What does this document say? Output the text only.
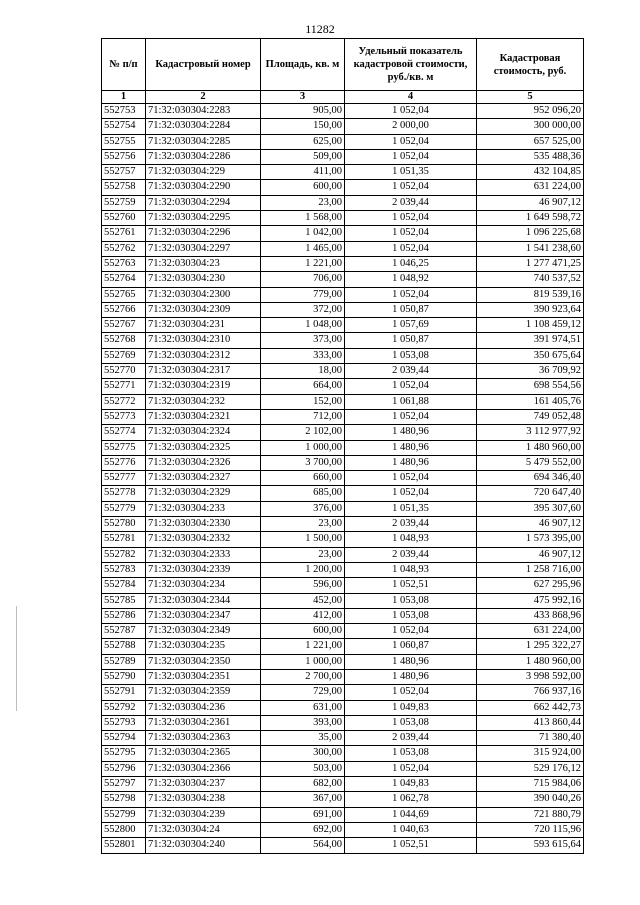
11282
№ п/п	Кадастровый номер	Площадь, кв. м	Удельный показатель кадастровой стоимости, руб./кв. м	Кадастровая стоимость, руб.
1	2	3	4	5
552753	71:32:030304:2283	905,00	1 052,04	952 096,20
552754	71:32:030304:2284	150,00	2 000,00	300 000,00
552755	71:32:030304:2285	625,00	1 052,04	657 525,00
552756	71:32:030304:2286	509,00	1 052,04	535 488,36
552757	71:32:030304:229	411,00	1 051,35	432 104,85
552758	71:32:030304:2290	600,00	1 052,04	631 224,00
552759	71:32:030304:2294	23,00	2 039,44	46 907,12
552760	71:32:030304:2295	1 568,00	1 052,04	1 649 598,72
552761	71:32:030304:2296	1 042,00	1 052,04	1 096 225,68
552762	71:32:030304:2297	1 465,00	1 052,04	1 541 238,60
552763	71:32:030304:23	1 221,00	1 046,25	1 277 471,25
552764	71:32:030304:230	706,00	1 048,92	740 537,52
552765	71:32:030304:2300	779,00	1 052,04	819 539,16
552766	71:32:030304:2309	372,00	1 050,87	390 923,64
552767	71:32:030304:231	1 048,00	1 057,69	1 108 459,12
552768	71:32:030304:2310	373,00	1 050,87	391 974,51
552769	71:32:030304:2312	333,00	1 053,08	350 675,64
552770	71:32:030304:2317	18,00	2 039,44	36 709,92
552771	71:32:030304:2319	664,00	1 052,04	698 554,56
552772	71:32:030304:232	152,00	1 061,88	161 405,76
552773	71:32:030304:2321	712,00	1 052,04	749 052,48
552774	71:32:030304:2324	2 102,00	1 480,96	3 112 977,92
552775	71:32:030304:2325	1 000,00	1 480,96	1 480 960,00
552776	71:32:030304:2326	3 700,00	1 480,96	5 479 552,00
552777	71:32:030304:2327	660,00	1 052,04	694 346,40
552778	71:32:030304:2329	685,00	1 052,04	720 647,40
552779	71:32:030304:233	376,00	1 051,35	395 307,60
552780	71:32:030304:2330	23,00	2 039,44	46 907,12
552781	71:32:030304:2332	1 500,00	1 048,93	1 573 395,00
552782	71:32:030304:2333	23,00	2 039,44	46 907,12
552783	71:32:030304:2339	1 200,00	1 048,93	1 258 716,00
552784	71:32:030304:234	596,00	1 052,51	627 295,96
552785	71:32:030304:2344	452,00	1 053,08	475 992,16
552786	71:32:030304:2347	412,00	1 053,08	433 868,96
552787	71:32:030304:2349	600,00	1 052,04	631 224,00
552788	71:32:030304:235	1 221,00	1 060,87	1 295 322,27
552789	71:32:030304:2350	1 000,00	1 480,96	1 480 960,00
552790	71:32:030304:2351	2 700,00	1 480,96	3 998 592,00
552791	71:32:030304:2359	729,00	1 052,04	766 937,16
552792	71:32:030304:236	631,00	1 049,83	662 442,73
552793	71:32:030304:2361	393,00	1 053,08	413 860,44
552794	71:32:030304:2363	35,00	2 039,44	71 380,40
552795	71:32:030304:2365	300,00	1 053,08	315 924,00
552796	71:32:030304:2366	503,00	1 052,04	529 176,12
552797	71:32:030304:237	682,00	1 049,83	715 984,06
552798	71:32:030304:238	367,00	1 062,78	390 040,26
552799	71:32:030304:239	691,00	1 044,69	721 880,79
552800	71:32:030304:24	692,00	1 040,63	720 115,96
552801	71:32:030304:240	564,00	1 052,51	593 615,64
